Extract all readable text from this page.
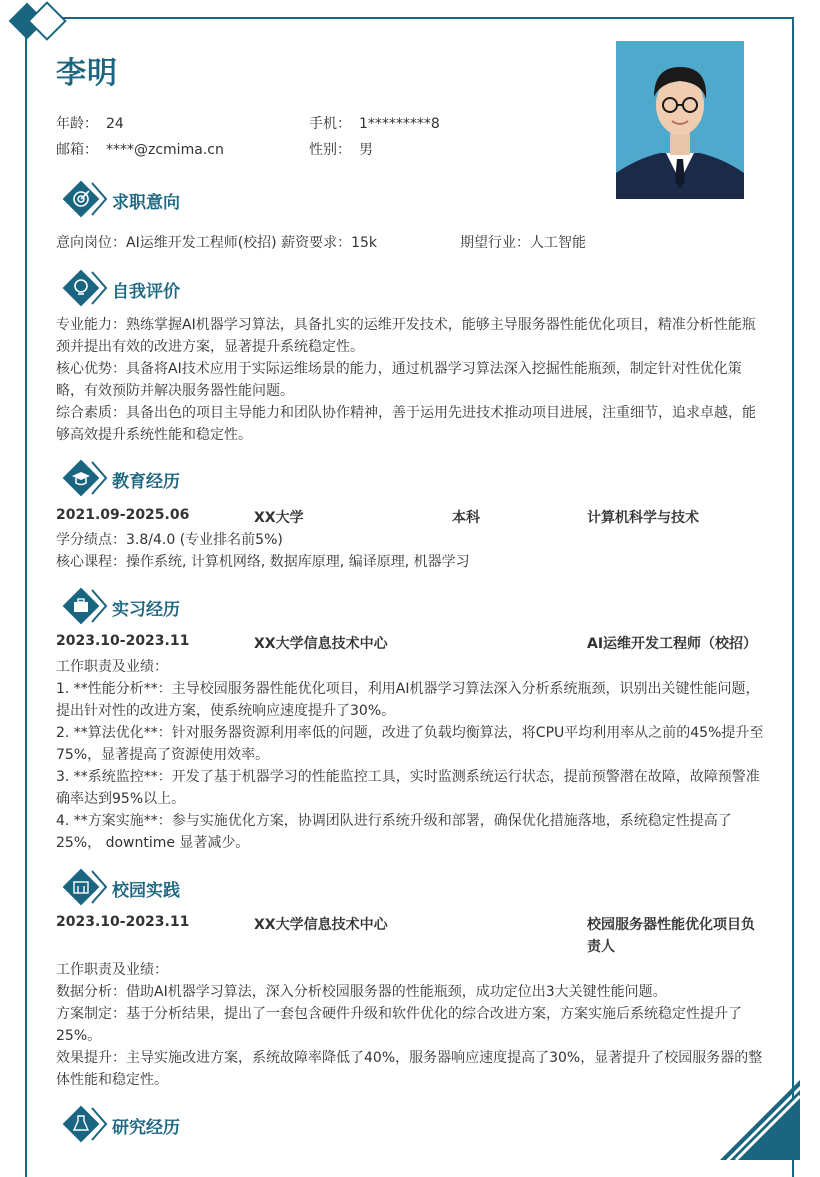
李明
年龄： 24	手机： 1*********8
邮箱： ****@zcmima.cn	性别： 男
求职意向
意向岗位：AI运维开发工程师(校招) 薪资要求：15k	期望行业：人工智能
自我评价

专业能力：熟练掌握AI机器学习算法，具备扎实的运维开发技术，能够主导服务器性能优化项目，精准分析性能瓶颈并提出有效的改进方案，显著提升系统稳定性。

核心优势：具备将AI技术应用于实际运维场景的能力，通过机器学习算法深入挖掘性能瓶颈，制定针对性优化策略，有效预防并解决服务器性能问题。

综合素质：具备出色的项目主导能力和团队协作精神，善于运用先进技术推动项目进展，注重细节，追求卓越，能够高效提升系统性能和稳定性。

教育经历
2021.09-2025.06	XX大学	本科	计算机科学与技术

学分绩点：3.8/4.0 (专业排名前5%)

核心课程：操作系统, 计算机网络, 数据库原理, 编译原理, 机器学习

实习经历
2023.10-2023.11	XX大学信息技术中心	AI运维开发工程师（校招）

工作职责及业绩：

1. **性能分析**：主导校园服务器性能优化项目，利用AI机器学习算法深入分析系统瓶颈，识别出关键性能问题，提出针对性的改进方案，使系统响应速度提升了30%。

2. **算法优化**：针对服务器资源利用率低的问题，改进了负载均衡算法，将CPU平均利用率从之前的45%提升至75%，显著提高了资源使用效率。

3. **系统监控**：开发了基于机器学习的性能监控工具，实时监测系统运行状态，提前预警潜在故障，故障预警准确率达到95%以上。

4. **方案实施**：参与实施优化方案，协调团队进行系统升级和部署，确保优化措施落地，系统稳定性提高了25%， downtime 显著减少。

校园实践
2023.10-2023.11	XX大学信息技术中心	校园服务器性能优化项目负责人

工作职责及业绩：

数据分析：借助AI机器学习算法，深入分析校园服务器的性能瓶颈，成功定位出3大关键性能问题。

方案制定：基于分析结果，提出了一套包含硬件升级和软件优化的综合改进方案，方案实施后系统稳定性提升了25%。

效果提升：主导实施改进方案，系统故障率降低了40%，服务器响应速度提高了30%，显著提升了校园服务器的整体性能和稳定性。

研究经历
